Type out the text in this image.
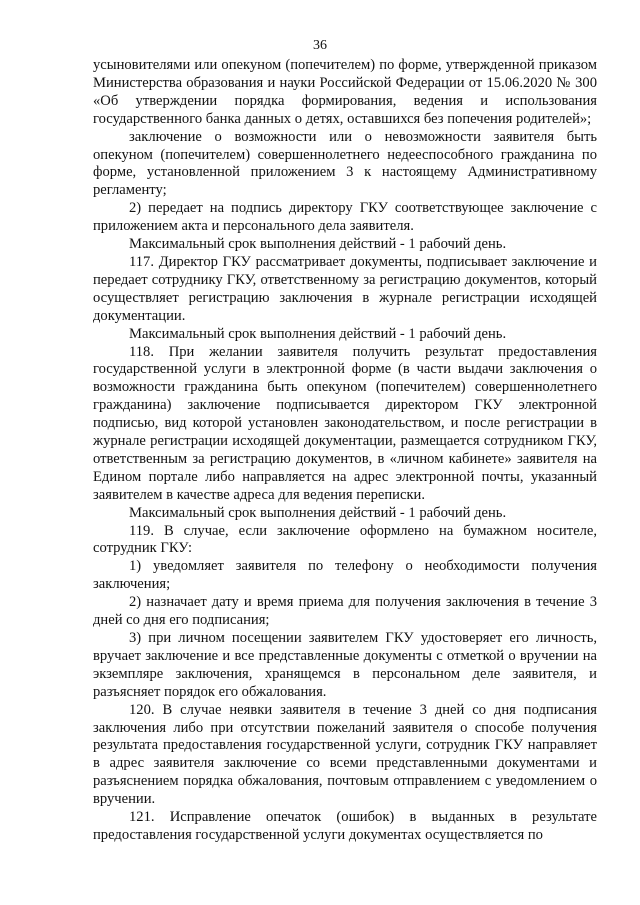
36

усыновителями или опекуном (попечителем) по форме, утвержденной приказом Министерства образования и науки Российской Федерации от 15.06.2020 № 300 «Об утверждении порядка формирования, ведения и использования государственного банка данных о детях, оставшихся без попечения родителей»;

заключение о возможности или о невозможности заявителя быть опекуном (попечителем) совершеннолетнего недееспособного гражданина по форме, установленной приложением 3 к настоящему Административному регламенту;

2) передает на подпись директору ГКУ соответствующее заключение с приложением акта и персонального дела заявителя.

Максимальный срок выполнения действий - 1 рабочий день.

117. Директор ГКУ рассматривает документы, подписывает заключение и передает сотруднику ГКУ, ответственному за регистрацию документов, который осуществляет регистрацию заключения в журнале регистрации исходящей документации.

Максимальный срок выполнения действий - 1 рабочий день.

118. При желании заявителя получить результат предоставления государственной услуги в электронной форме (в части выдачи заключения о возможности гражданина быть опекуном (попечителем) совершеннолетнего гражданина) заключение подписывается директором ГКУ электронной подписью, вид которой установлен законодательством, и после регистрации в журнале регистрации исходящей документации, размещается сотрудником ГКУ, ответственным за регистрацию документов, в «личном кабинете» заявителя на Едином портале либо направляется на адрес электронной почты, указанный заявителем в качестве адреса для ведения переписки.

Максимальный срок выполнения действий - 1 рабочий день.

119. В случае, если заключение оформлено на бумажном носителе, сотрудник ГКУ:

1) уведомляет заявителя по телефону о необходимости получения заключения;

2) назначает дату и время приема для получения заключения в течение 3 дней со дня его подписания;

3) при личном посещении заявителем ГКУ удостоверяет его личность, вручает заключение и все представленные документы с отметкой о вручении на экземпляре заключения, хранящемся в персональном деле заявителя, и разъясняет порядок его обжалования.

120. В случае неявки заявителя в течение 3 дней со дня подписания заключения либо при отсутствии пожеланий заявителя о способе получения результата предоставления государственной услуги, сотрудник ГКУ направляет в адрес заявителя заключение со всеми представленными документами и разъяснением порядка обжалования, почтовым отправлением с уведомлением о вручении.

121. Исправление опечаток (ошибок) в выданных в результате предоставления государственной услуги документах осуществляется по
